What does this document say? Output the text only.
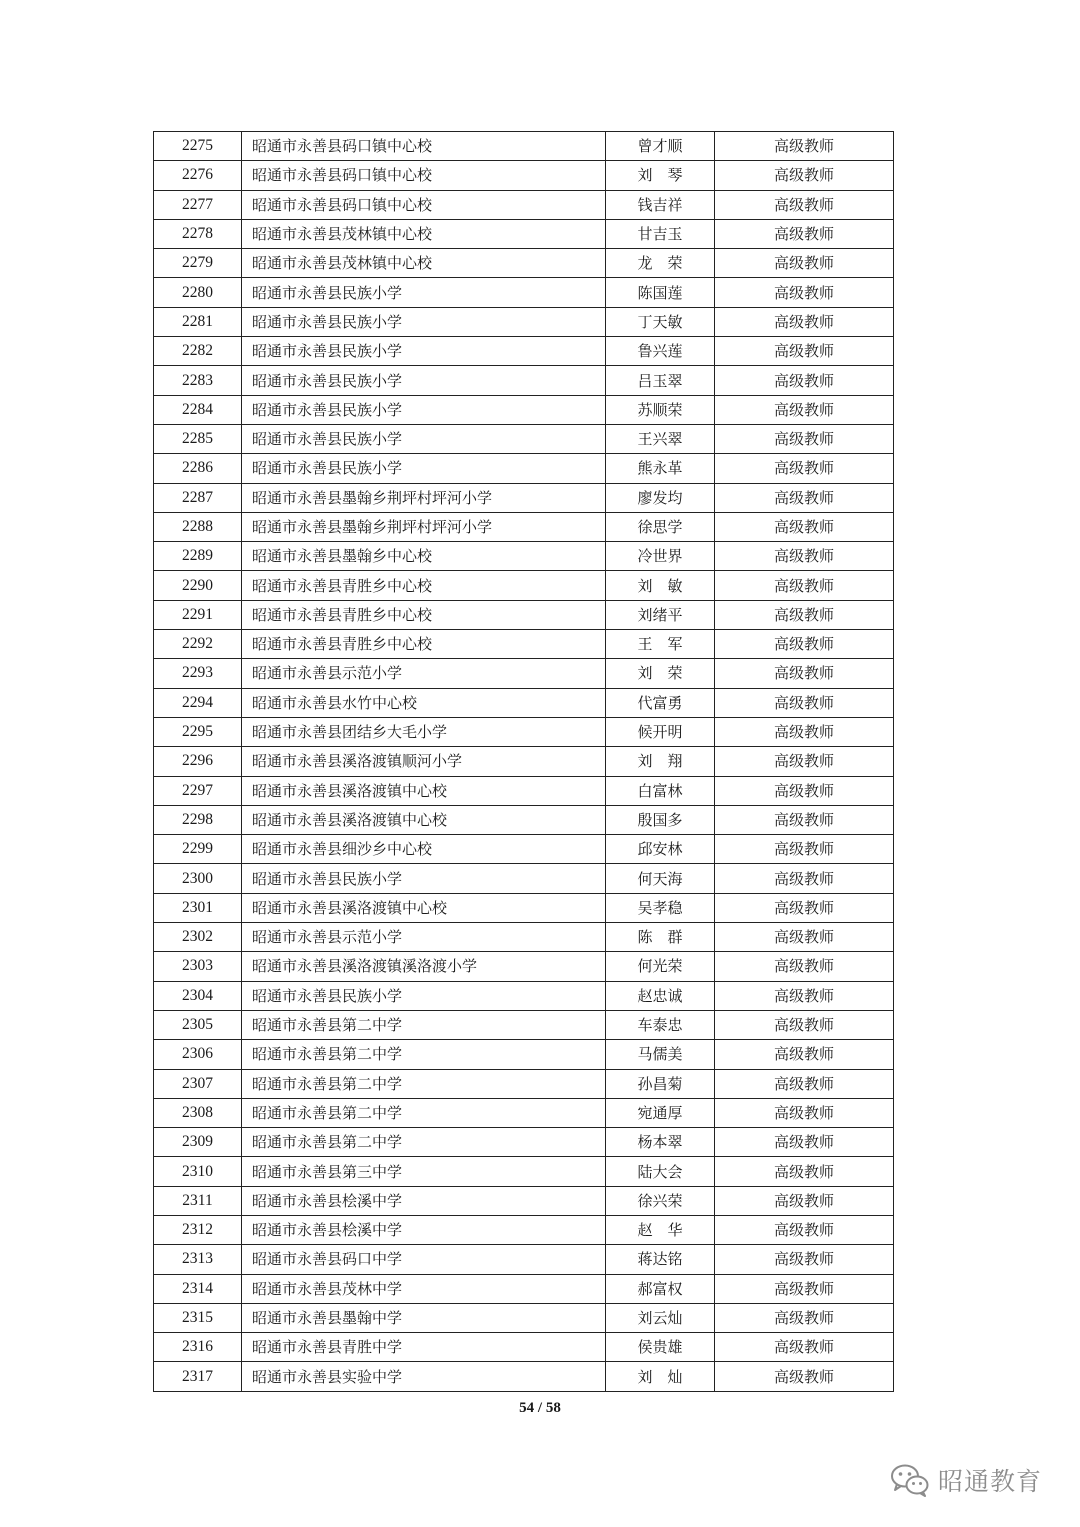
2275	昭通市永善县码口镇中心校	曾才顺	高级教师
2276	昭通市永善县码口镇中心校	刘　琴	高级教师
2277	昭通市永善县码口镇中心校	钱吉祥	高级教师
2278	昭通市永善县茂林镇中心校	甘吉玉	高级教师
2279	昭通市永善县茂林镇中心校	龙　荣	高级教师
2280	昭通市永善县民族小学	陈国莲	高级教师
2281	昭通市永善县民族小学	丁天敏	高级教师
2282	昭通市永善县民族小学	鲁兴莲	高级教师
2283	昭通市永善县民族小学	吕玉翠	高级教师
2284	昭通市永善县民族小学	苏顺荣	高级教师
2285	昭通市永善县民族小学	王兴翠	高级教师
2286	昭通市永善县民族小学	熊永革	高级教师
2287	昭通市永善县墨翰乡荆坪村坪河小学	廖发均	高级教师
2288	昭通市永善县墨翰乡荆坪村坪河小学	徐思学	高级教师
2289	昭通市永善县墨翰乡中心校	冷世界	高级教师
2290	昭通市永善县青胜乡中心校	刘　敏	高级教师
2291	昭通市永善县青胜乡中心校	刘绪平	高级教师
2292	昭通市永善县青胜乡中心校	王　军	高级教师
2293	昭通市永善县示范小学	刘　荣	高级教师
2294	昭通市永善县水竹中心校	代富勇	高级教师
2295	昭通市永善县团结乡大毛小学	候开明	高级教师
2296	昭通市永善县溪洛渡镇顺河小学	刘　翔	高级教师
2297	昭通市永善县溪洛渡镇中心校	白富林	高级教师
2298	昭通市永善县溪洛渡镇中心校	殷国多	高级教师
2299	昭通市永善县细沙乡中心校	邱安林	高级教师
2300	昭通市永善县民族小学	何天海	高级教师
2301	昭通市永善县溪洛渡镇中心校	吴孝稳	高级教师
2302	昭通市永善县示范小学	陈　群	高级教师
2303	昭通市永善县溪洛渡镇溪洛渡小学	何光荣	高级教师
2304	昭通市永善县民族小学	赵忠诚	高级教师
2305	昭通市永善县第二中学	车泰忠	高级教师
2306	昭通市永善县第二中学	马儒美	高级教师
2307	昭通市永善县第二中学	孙昌菊	高级教师
2308	昭通市永善县第二中学	宛通厚	高级教师
2309	昭通市永善县第二中学	杨本翠	高级教师
2310	昭通市永善县第三中学	陆大会	高级教师
2311	昭通市永善县桧溪中学	徐兴荣	高级教师
2312	昭通市永善县桧溪中学	赵　华	高级教师
2313	昭通市永善县码口中学	蒋达铭	高级教师
2314	昭通市永善县茂林中学	郝富权	高级教师
2315	昭通市永善县墨翰中学	刘云灿	高级教师
2316	昭通市永善县青胜中学	侯贵雄	高级教师
2317	昭通市永善县实验中学	刘　灿	高级教师
54 / 58
昭通教育
